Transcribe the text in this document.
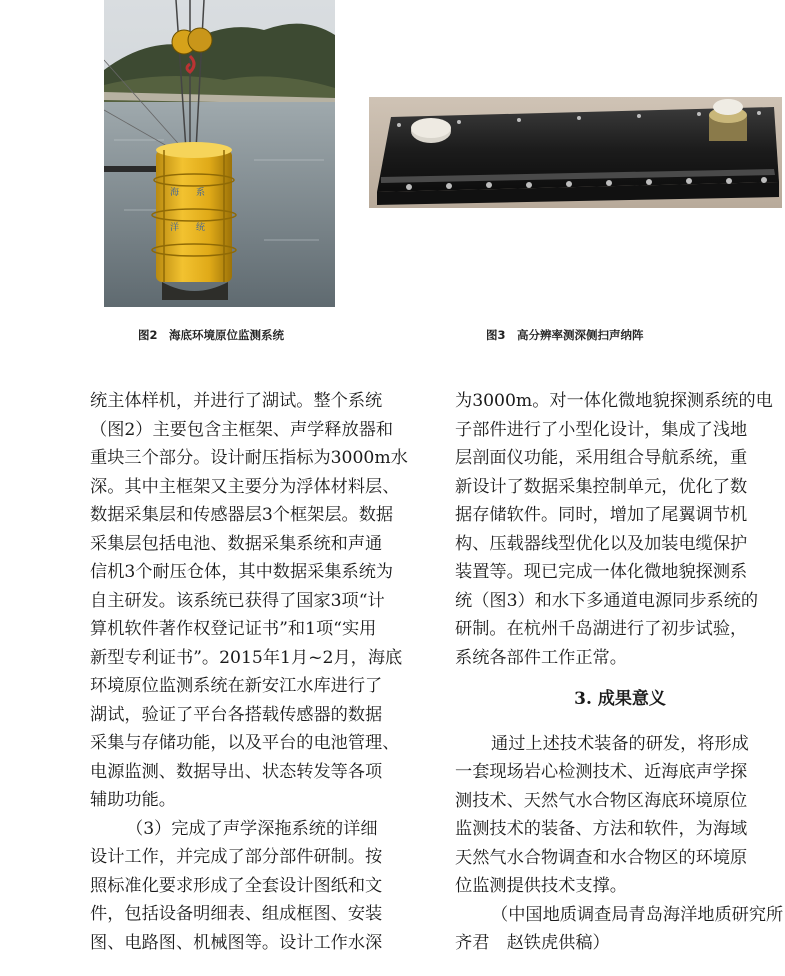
海 系
洋 统
图2　海底环境原位监测系统	图3　高分辨率测深侧扫声纳阵
统主体样机，并进行了湖试。整个系统
（图2）主要包含主框架、声学释放器和
重块三个部分。设计耐压指标为3000m水
深。其中主框架又主要分为浮体材料层、
数据采集层和传感器层3个框架层。数据
采集层包括电池、数据采集系统和声通
信机3个耐压仓体，其中数据采集系统为
自主研发。该系统已获得了国家3项“计
算机软件著作权登记证书”和1项“实用
新型专利证书”。2015年1月~2月，海底
环境原位监测系统在新安江水库进行了
湖试，验证了平台各搭载传感器的数据
采集与存储功能，以及平台的电池管理、
电源监测、数据导出、状态转发等各项
辅助功能。
（3）完成了声学深拖系统的详细
设计工作，并完成了部分部件研制。按
照标准化要求形成了全套设计图纸和文
件，包括设备明细表、组成框图、安装
图、电路图、机械图等。设计工作水深
为3000m。对一体化微地貌探测系统的电
子部件进行了小型化设计，集成了浅地
层剖面仪功能，采用组合导航系统，重
新设计了数据采集控制单元，优化了数
据存储软件。同时，增加了尾翼调节机
构、压载器线型优化以及加装电缆保护
装置等。现已完成一体化微地貌探测系
统（图3）和水下多通道电源同步系统的
研制。在杭州千岛湖进行了初步试验，
系统各部件工作正常。
3. 成果意义
通过上述技术装备的研发，将形成
一套现场岩心检测技术、近海底声学探
测技术、天然气水合物区海底环境原位
监测技术的装备、方法和软件，为海域
天然气水合物调查和水合物区的环境原
位监测提供技术支撑。
（中国地质调查局青岛海洋地质研究所
齐君　赵铁虎供稿）
